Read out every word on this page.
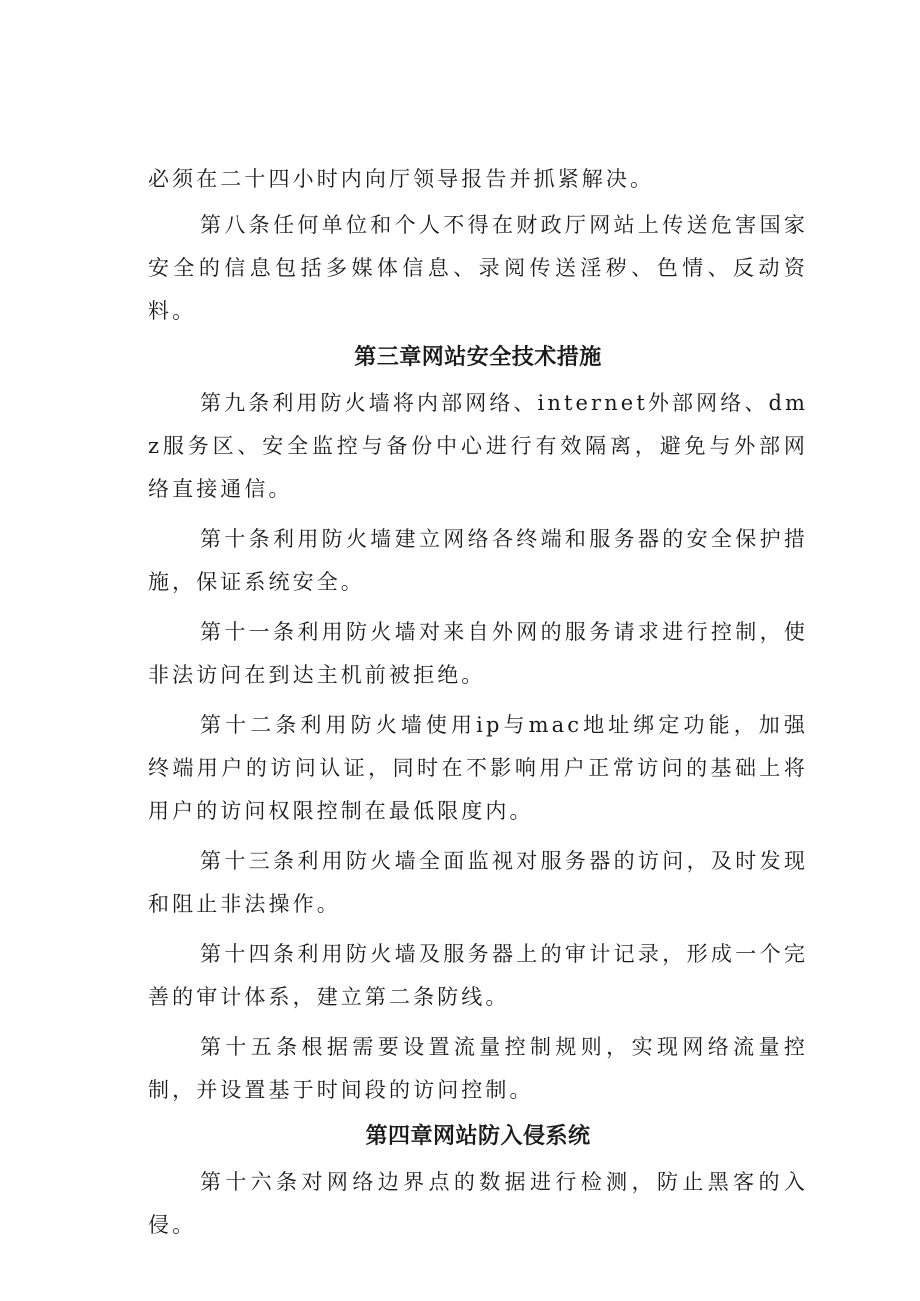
必须在二十四小时内向厅领导报告并抓紧解决。

第八条任何单位和个人不得在财政厅网站上传送危害国家安全的信息包括多媒体信息、录阅传送淫秽、色情、反动资料。

第三章网站安全技术措施

第九条利用防火墙将内部网络、internet外部网络、dmz服务区、安全监控与备份中心进行有效隔离，避免与外部网络直接通信。

第十条利用防火墙建立网络各终端和服务器的安全保护措施，保证系统安全。

第十一条利用防火墙对来自外网的服务请求进行控制，使非法访问在到达主机前被拒绝。

第十二条利用防火墙使用ip与mac地址绑定功能，加强终端用户的访问认证，同时在不影响用户正常访问的基础上将用户的访问权限控制在最低限度内。

第十三条利用防火墙全面监视对服务器的访问，及时发现和阻止非法操作。

第十四条利用防火墙及服务器上的审计记录，形成一个完善的审计体系，建立第二条防线。

第十五条根据需要设置流量控制规则，实现网络流量控制，并设置基于时间段的访问控制。

第四章网站防入侵系统

第十六条对网络边界点的数据进行检测，防止黑客的入侵。
